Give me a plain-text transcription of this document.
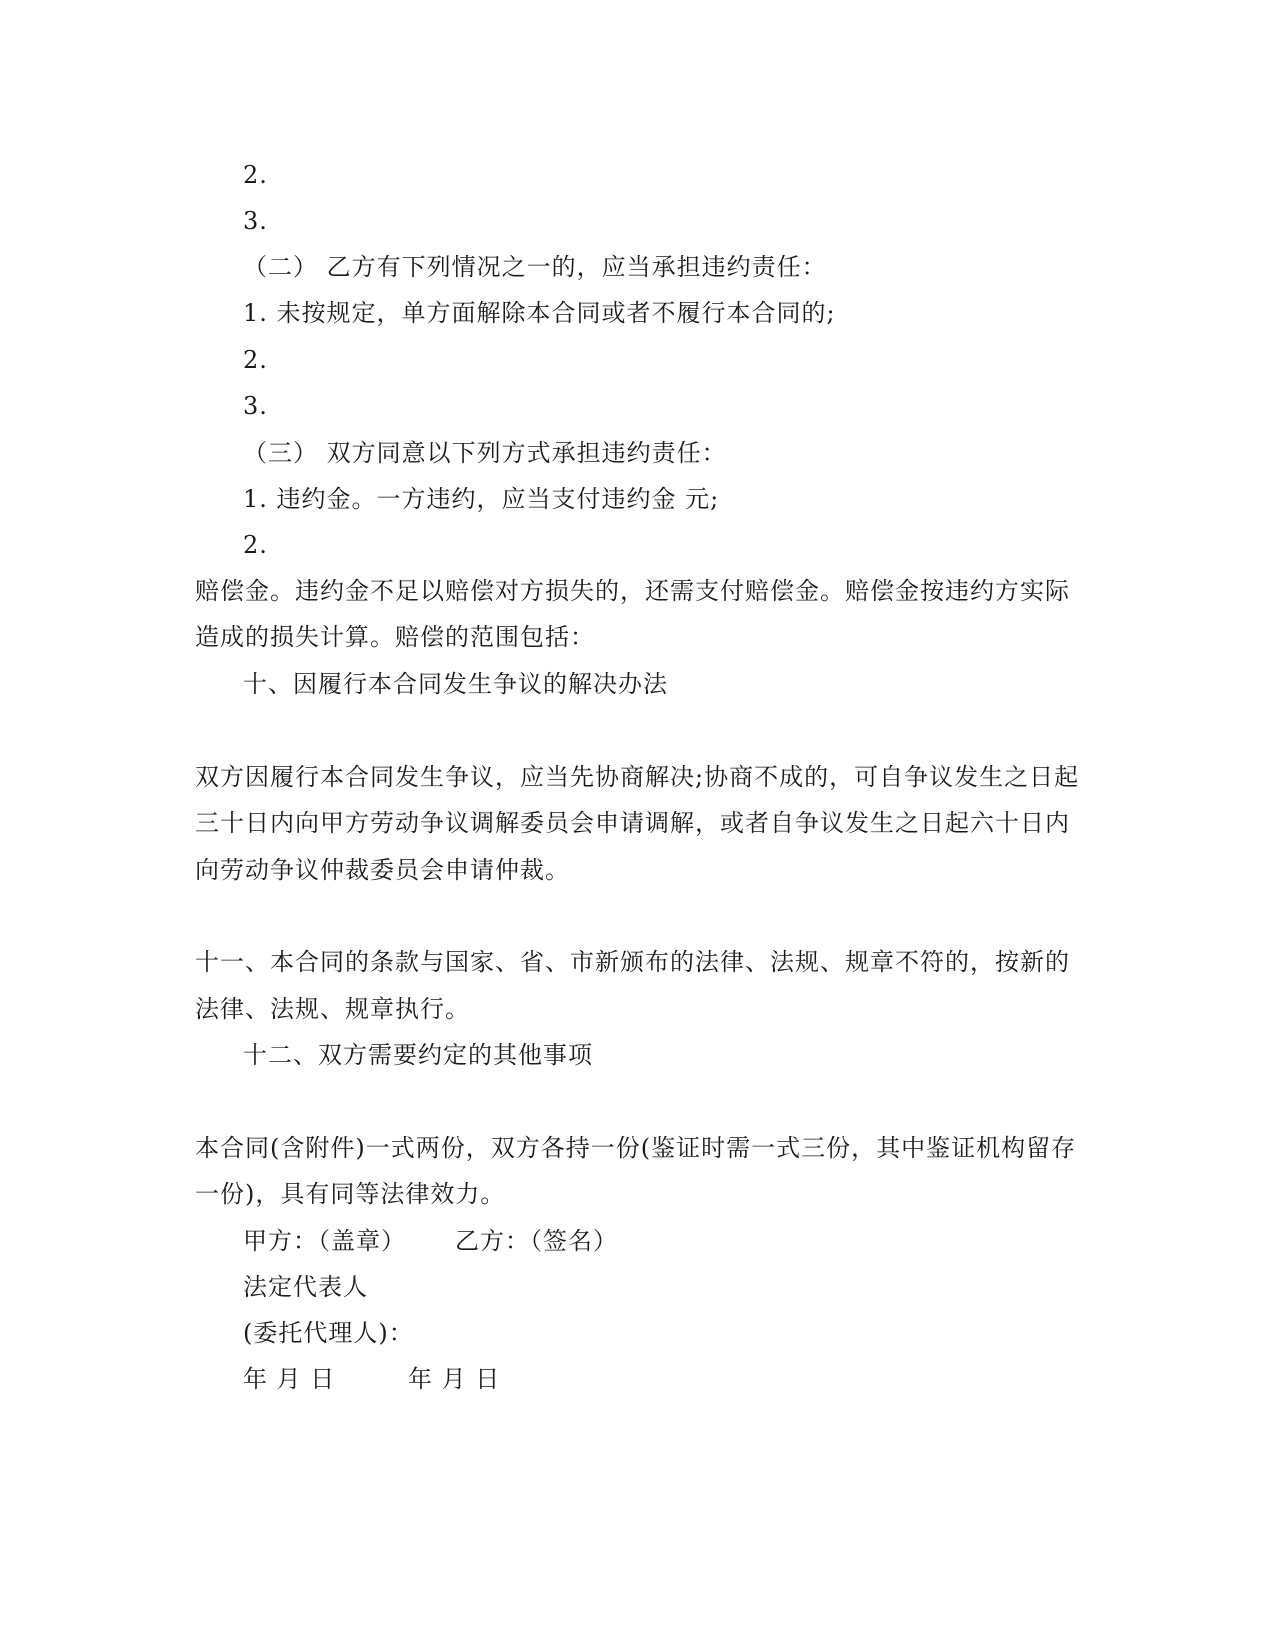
2.
3.
（二） 乙方有下列情况之一的，应当承担违约责任：
1. 未按规定，单方面解除本合同或者不履行本合同的;
2.
3.
（三） 双方同意以下列方式承担违约责任：
1. 违约金。一方违约，应当支付违约金 元;
2.
赔偿金。违约金不足以赔偿对方损失的，还需支付赔偿金。赔偿金按违约方实际
造成的损失计算。赔偿的范围包括：
十、因履行本合同发生争议的解决办法
双方因履行本合同发生争议，应当先协商解决;协商不成的，可自争议发生之日起
三十日内向甲方劳动争议调解委员会申请调解，或者自争议发生之日起六十日内
向劳动争议仲裁委员会申请仲裁。
十一、本合同的条款与国家、省、市新颁布的法律、法规、规章不符的，按新的
法律、法规、规章执行。
十二、双方需要约定的其他事项
本合同(含附件)一式两份，双方各持一份(鉴证时需一式三份，其中鉴证机构留存
一份)，具有同等法律效力。
甲方：（盖章） 乙方：（签名）
法定代表人
(委托代理人)：
年 月 日	年 月 日
